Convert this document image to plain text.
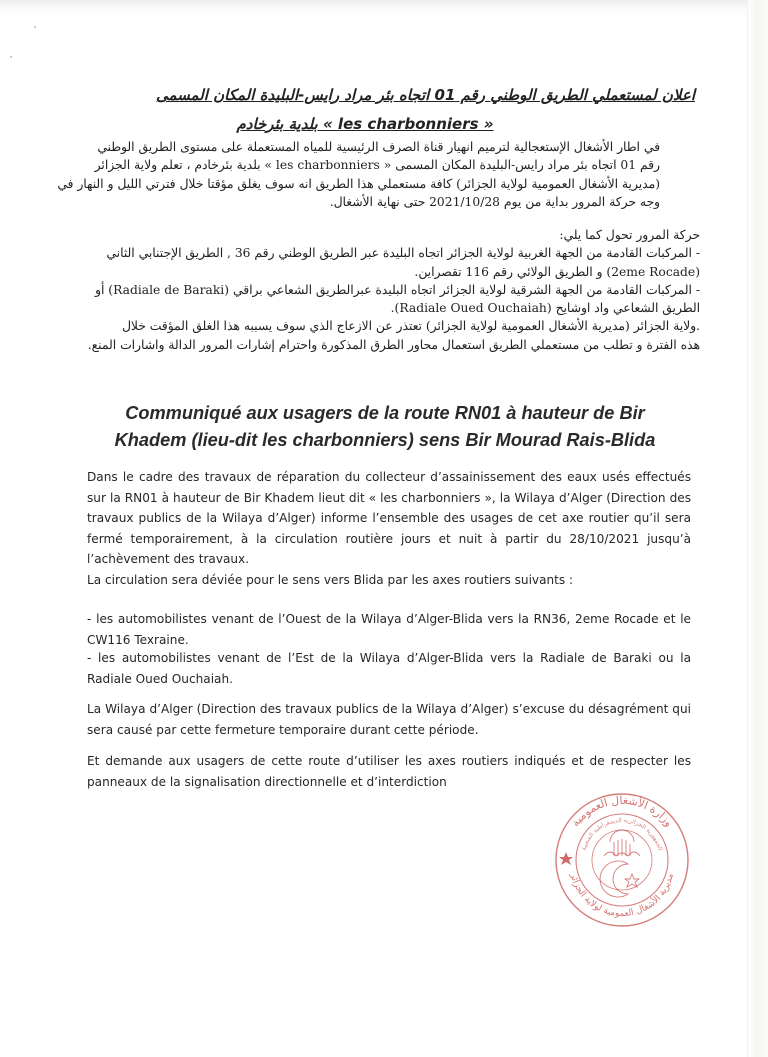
اعلان لمستعملي الطريق الوطني رقم 01 اتجاه بئر مراد رايس-البليدة المكان المسمى
« les charbonniers » بلدية بئرخادم
في اطار الأشغال الإستعجالية لترميم انهيار قناة الصرف الرئيسية للمياه المستعملة على مستوى الطريق الوطني
رقم 01 اتجاه بئر مراد رايس-البليدة المكان المسمى « les charbonniers » بلدية بئرخادم ، تعلم ولاية الجزائر
(مديرية الأشغال العمومية لولاية الجزائر) كافة مستعملي هذا الطريق انه سوف يغلق مؤقتا خلال فترتي الليل و النهار في
وجه حركة المرور بداية من يوم 2021/10/28 حتى نهاية الأشغال.
حركة المرور تحول كما يلي:
- المركبات القادمة من الجهة الغربية لولاية الجزائر اتجاه البليدة عبر الطريق الوطني رقم 36 , الطريق الإجتنابي الثاني
(2eme Rocade) و الطريق الولائي رقم 116 تقصراين.
- المركبات القادمة من الجهة الشرقية لولاية الجزائر اتجاه البليدة عبرالطريق الشعاعي براقي (Radiale de Baraki) أو
الطريق الشعاعي واد اوشايح (Radiale Oued Ouchaiah).
.ولاية الجزائر (مديرية الأشغال العمومية لولاية الجزائر) تعتذر عن الازعاج الذي سوف يسببه هذا الغلق المؤقت خلال
هذه الفترة و تطلب من مستعملي الطريق استعمال محاور الطرق المذكورة واحترام إشارات المرور الدالة واشارات المنع.
Communiqué aux usagers de la route RN01 à hauteur de Bir Khadem (lieu-dit les charbonniers) sens Bir Mourad Rais-Blida

Dans le cadre des travaux de réparation du collecteur d’assainissement des eaux usés effectués sur la RN01 à hauteur de Bir Khadem lieut dit « les charbonniers », la Wilaya d’Alger (Direction des travaux publics de la Wilaya d’Alger) informe l’ensemble des usages de cet axe routier qu’il sera fermé temporairement, à la circulation routière jours et nuit à partir du 28/10/2021 jusqu’à l’achèvement des travaux.

La circulation sera déviée pour le sens vers Blida par les axes routiers suivants :

- les automobilistes venant de l’Ouest de la Wilaya d’Alger-Blida vers la RN36, 2eme Rocade et le CW116 Texraine.

- les automobilistes venant de l’Est de la Wilaya d’Alger-Blida vers la Radiale de Baraki ou la Radiale Oued Ouchaiah.

La Wilaya d’Alger (Direction des travaux publics de la Wilaya d’Alger) s’excuse du désagrément qui sera causé par cette fermeture temporaire durant cette période.

Et demande aux usagers de cette route d’utiliser les axes routiers indiqués et de respecter les panneaux de la signalisation directionnelle et d’interdiction

وزارة الأشغال العمومية
مديرية الأشغال العمومية لولاية الجزائر
الجمهورية الجزائرية الديمقراطية الشعبية
